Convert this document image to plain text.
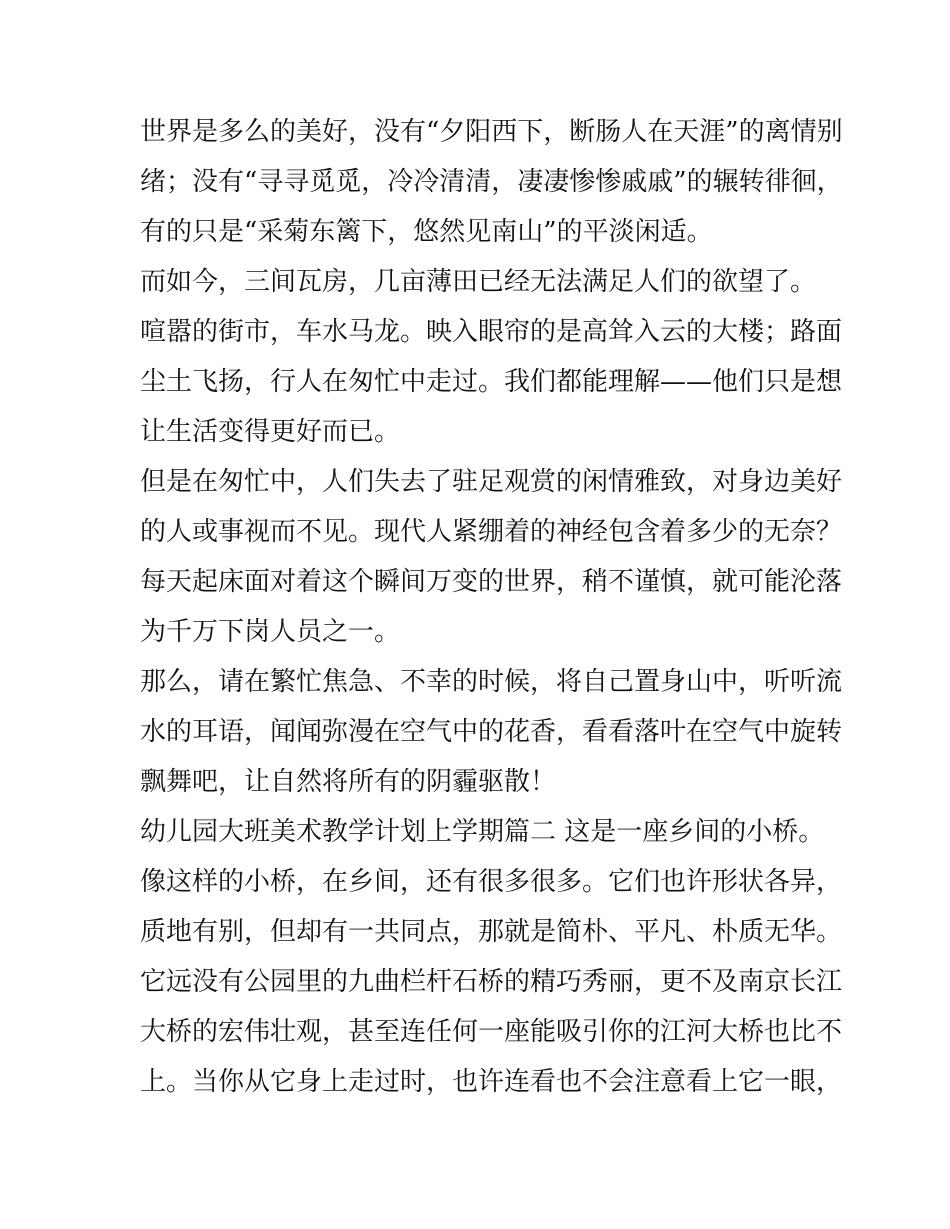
世界是多么的美好，没有“夕阳西下，断肠人在天涯”的离情别
绪；没有“寻寻觅觅，冷冷清清，凄凄惨惨戚戚”的辗转徘徊，
有的只是“采菊东篱下，悠然见南山”的平淡闲适。
而如今，三间瓦房，几亩薄田已经无法满足人们的欲望了。
喧嚣的街市，车水马龙。映入眼帘的是高耸入云的大楼；路面
尘土飞扬，行人在匆忙中走过。我们都能理解——他们只是想
让生活变得更好而已。
但是在匆忙中，人们失去了驻足观赏的闲情雅致，对身边美好
的人或事视而不见。现代人紧绷着的神经包含着多少的无奈？
每天起床面对着这个瞬间万变的世界，稍不谨慎，就可能沦落
为千万下岗人员之一。
那么，请在繁忙焦急、不幸的时候，将自己置身山中，听听流
水的耳语，闻闻弥漫在空气中的花香，看看落叶在空气中旋转
飘舞吧，让自然将所有的阴霾驱散！
幼儿园大班美术教学计划上学期篇二 这是一座乡间的小桥。
像这样的小桥，在乡间，还有很多很多。它们也许形状各异，
质地有别，但却有一共同点，那就是简朴、平凡、朴质无华。
它远没有公园里的九曲栏杆石桥的精巧秀丽，更不及南京长江
大桥的宏伟壮观，甚至连任何一座能吸引你的江河大桥也比不
上。当你从它身上走过时，也许连看也不会注意看上它一眼，
